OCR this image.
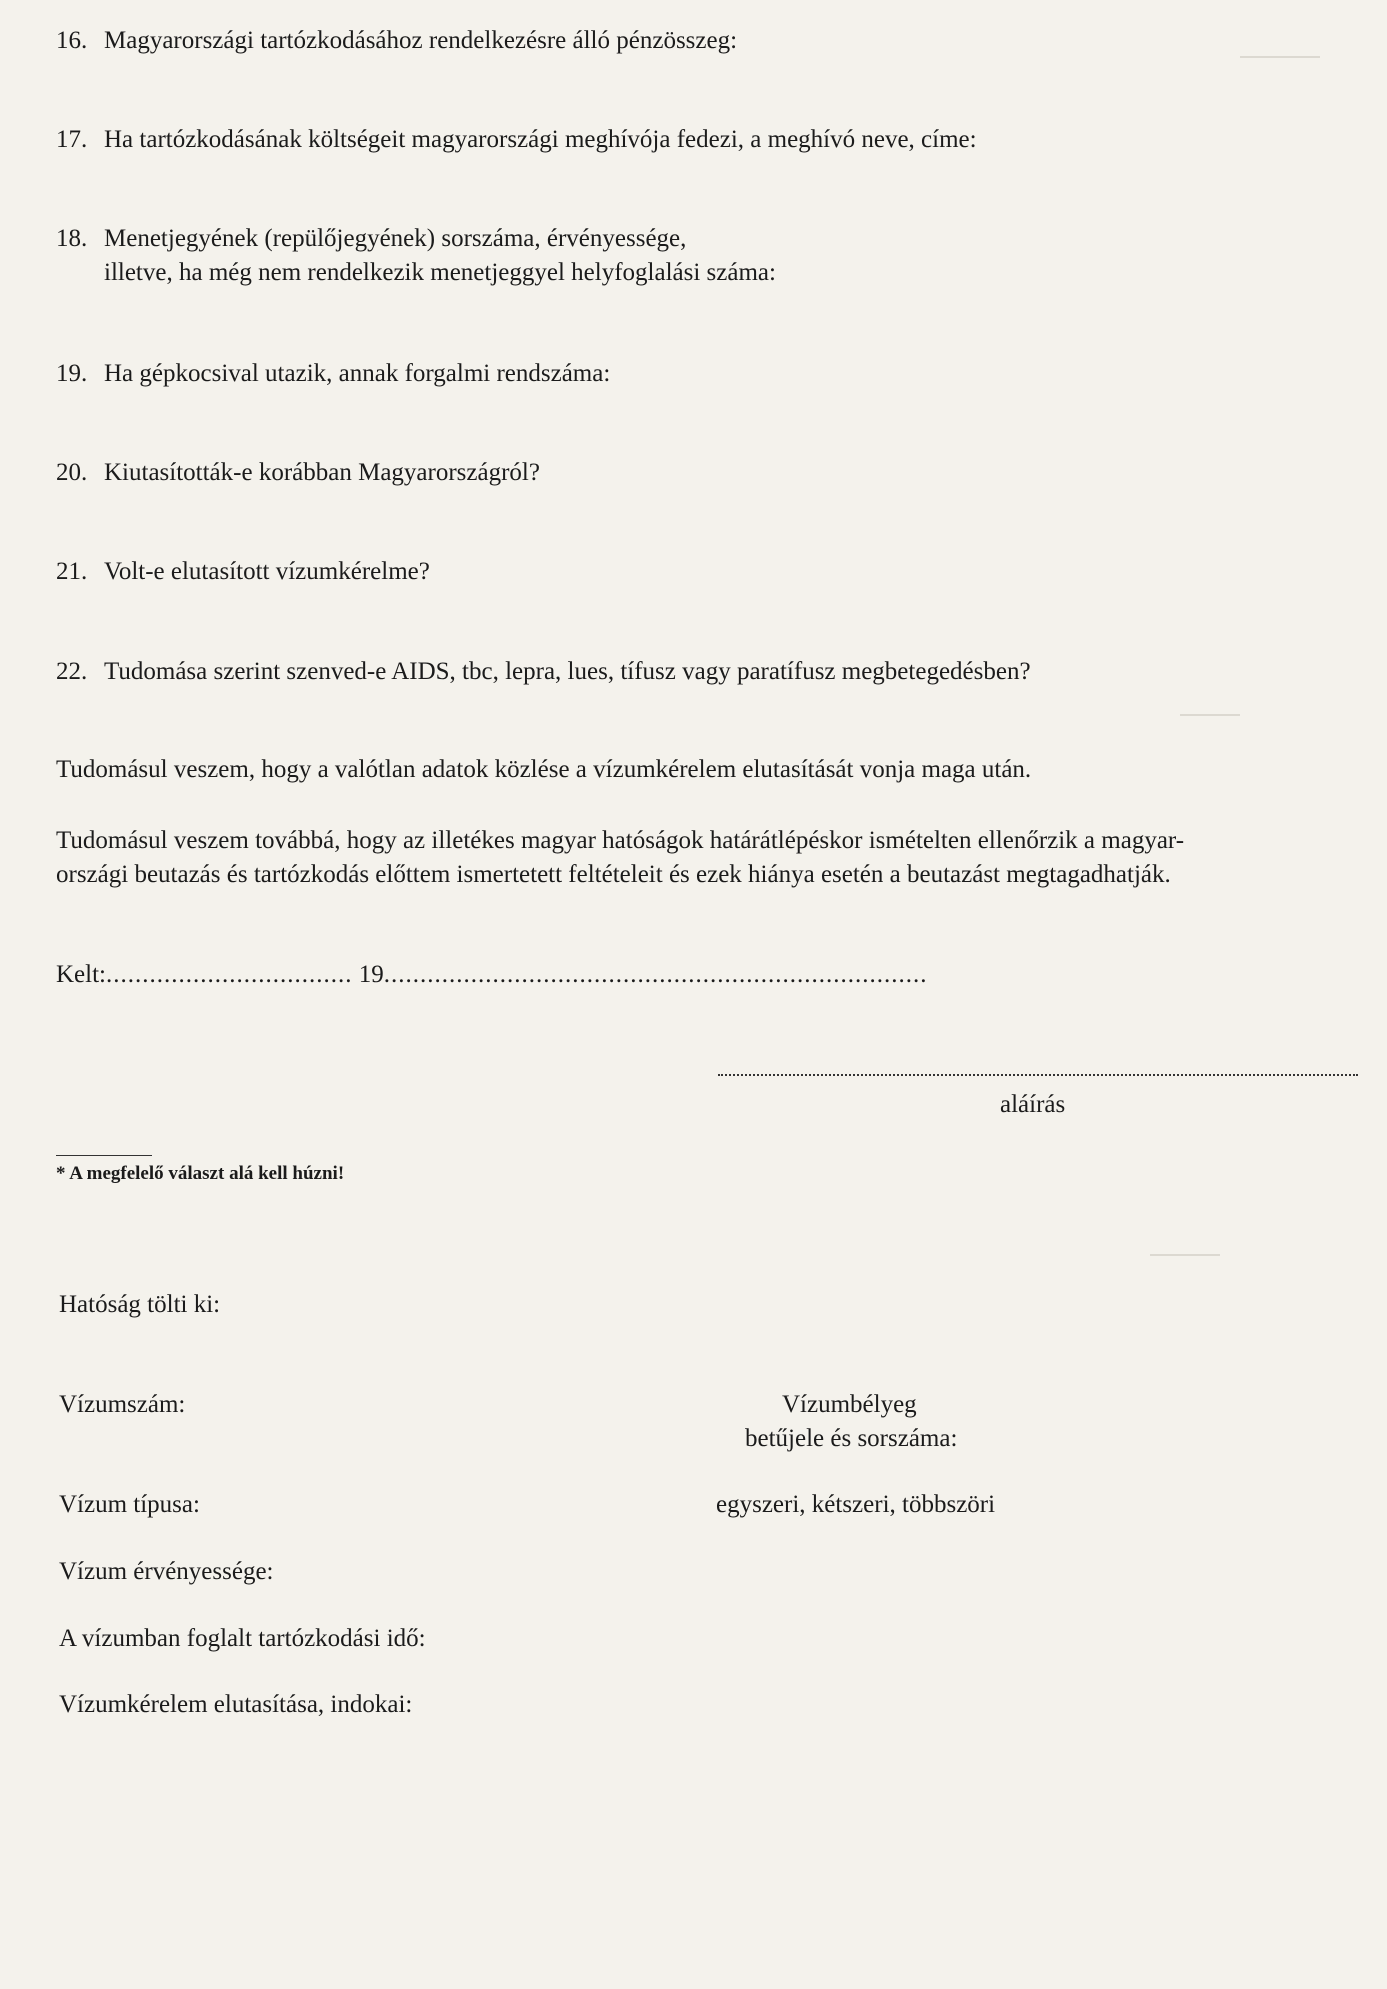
16. Magyarországi tartózkodásához rendelkezésre álló pénzösszeg:
17. Ha tartózkodásának költségeit magyarországi meghívója fedezi, a meghívó neve, címe:
18. Menetjegyének (repülőjegyének) sorszáma, érvényessége,
illetve, ha még nem rendelkezik menetjeggyel helyfoglalási száma:
19. Ha gépkocsival utazik, annak forgalmi rendszáma:
20. Kiutasították-e korábban Magyarországról?
21. Volt-e elutasított vízumkérelme?
22. Tudomása szerint szenved-e AIDS, tbc, lepra, lues, tífusz vagy paratífusz megbetegedésben?
Tudomásul veszem, hogy a valótlan adatok közlése a vízumkérelem elutasítását vonja maga után.
Tudomásul veszem továbbá, hogy az illetékes magyar hatóságok határátlépéskor ismételten ellenőrzik a magyar-
országi beutazás és tartózkodás előttem ismertetett feltételeit és ezek hiánya esetén a beutazást megtagadhatják.
Kelt:.................................. 19...........................................................................
aláírás
* A megfelelő választ alá kell húzni!
Hatóság tölti ki:
Vízumszám:	Vízumbélyeg
betűjele és sorszáma:
Vízum típusa:	egyszeri, kétszeri, többszöri
Vízum érvényessége:
A vízumban foglalt tartózkodási idő:
Vízumkérelem elutasítása, indokai:
